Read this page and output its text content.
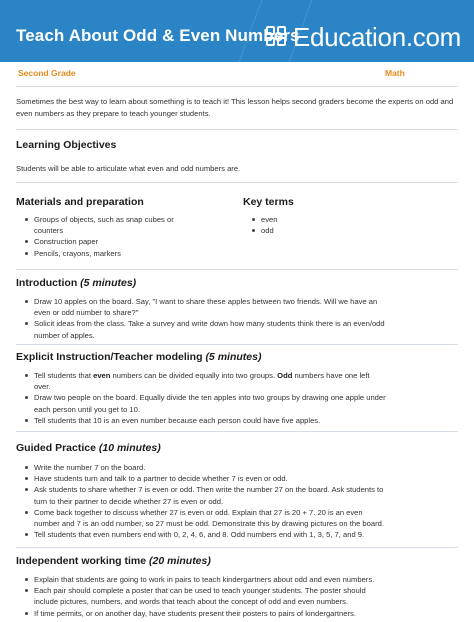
Teach About Odd & Even Numbers
Education.com
Second Grade	Math
Sometimes the best way to learn about something is to teach it! This lesson helps second graders become the experts on odd and even numbers as they prepare to teach younger students.
Learning Objectives
Students will be able to articulate what even and odd numbers are.
Materials and preparation
Groups of objects, such as snap cubes or
counters
Construction paper
Pencils, crayons, markers
Key terms
even
odd
Introduction (5 minutes)
Draw 10 apples on the board. Say, "I want to share these apples between two friends. Will we have an
even or odd number to share?"
Solicit ideas from the class. Take a survey and write down how many students think there is an even/odd
number of apples.
Explicit Instruction/Teacher modeling (5 minutes)
Tell students that even numbers can be divided equally into two groups. Odd numbers have one left
over.
Draw two people on the board. Equally divide the ten apples into two groups by drawing one apple under
each person until you get to 10.
Tell students that 10 is an even number because each person could have five apples.
Guided Practice (10 minutes)
Write the number 7 on the board.
Have students turn and talk to a partner to decide whether 7 is even or odd.
Ask students to share whether 7 is even or odd. Then write the number 27 on the board. Ask students to
turn to their partner to decide whether 27 is even or odd.
Come back together to discuss whether 27 is even or odd. Explain that 27 is 20 + 7. 20 is an even
number and 7 is an odd number, so 27 must be odd. Demonstrate this by drawing pictures on the board.
Tell students that even numbers end with 0, 2, 4, 6, and 8. Odd numbers end with 1, 3, 5, 7, and 9.
Independent working time (20 minutes)
Explain that students are going to work in pairs to teach kindergartners about odd and even numbers.
Each pair should complete a poster that can be used to teach younger students. The poster should
include pictures, numbers, and words that teach about the concept of odd and even numbers.
If time permits, or on another day, have students present their posters to pairs of kindergartners.
